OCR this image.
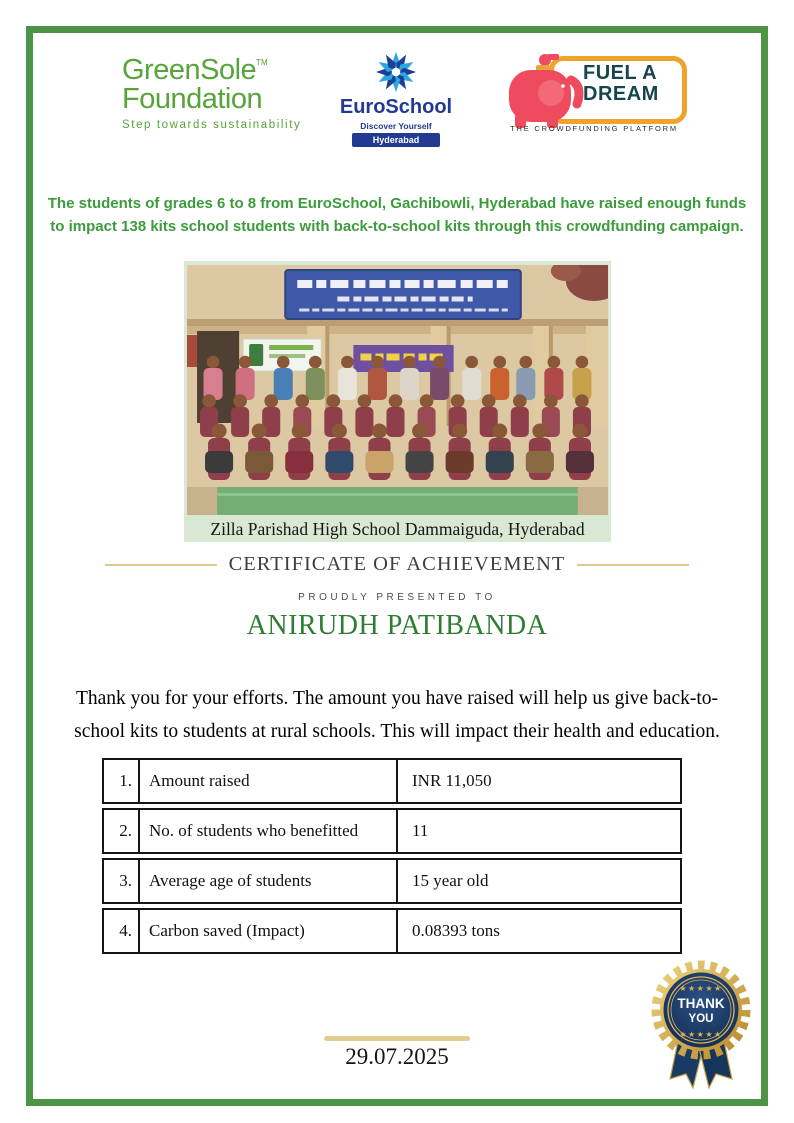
GreenSole™
Foundation
Step towards sustainability
EuroSchool
Discover Yourself
Hyderabad
FUEL A
DREAM
THE CROWDFUNDING PLATFORM

The students of grades 6 to 8 from EuroSchool, Gachibowli, Hyderabad have raised enough funds to impact 138 kits school students with back-to-school kits through this crowdfunding campaign.

Zilla Parishad High School Dammaiguda, Hyderabad
CERTIFICATE OF ACHIEVEMENT
PROUDLY PRESENTED TO
ANIRUDH PATIBANDA

Thank you for your efforts. The amount you have raised will help us give back-to-
school kits to students at rural schools. This will impact their health and education.

1.	Amount raised	INR 11,050
2.	No. of students who benefitted	11
3.	Average age of students	15 year old
4.	Carbon saved (Impact)	0.08393 tons
★★★★★
THANK
YOU
★★★★★
29.07.2025
